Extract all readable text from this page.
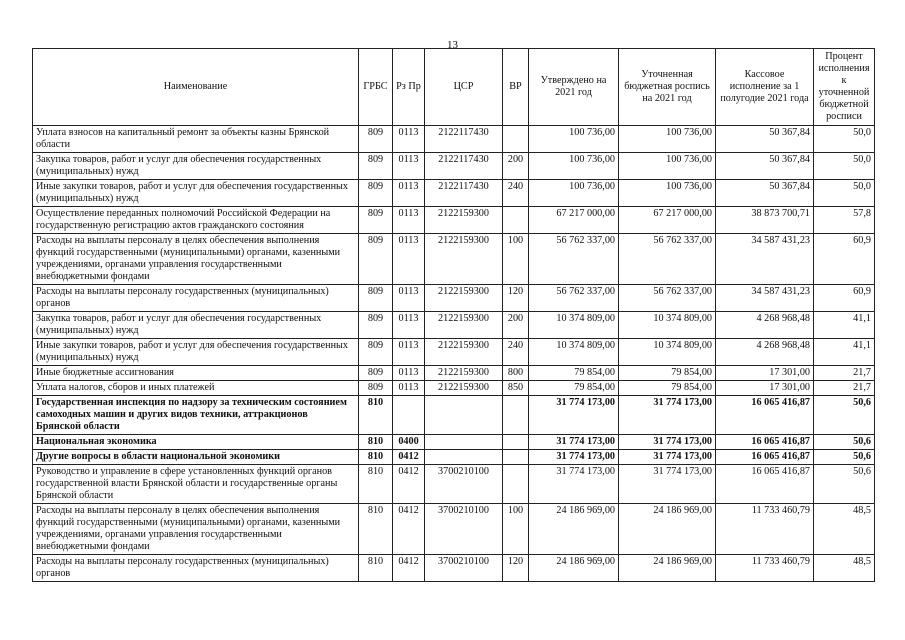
13
Наименование	ГРБС	Рз Пр	ЦСР	ВР	Утверждено на 2021 год	Уточненная бюджетная роспись на 2021 год	Кассовое исполнение за 1 полугодие 2021 года	Процент исполнения к уточненной бюджетной росписи
Уплата взносов на капитальный ремонт за объекты казны Брянской области	809	0113	2122117430		100 736,00	100 736,00	50 367,84	50,0
Закупка товаров, работ и услуг для обеспечения государственных (муниципальных) нужд	809	0113	2122117430	200	100 736,00	100 736,00	50 367,84	50,0
Иные закупки товаров, работ и услуг для обеспечения государственных (муниципальных) нужд	809	0113	2122117430	240	100 736,00	100 736,00	50 367,84	50,0
Осуществление переданных полномочий Российской Федерации на государственную регистрацию актов гражданского состояния	809	0113	2122159300		67 217 000,00	67 217 000,00	38 873 700,71	57,8
Расходы на выплаты персоналу в целях обеспечения выполнения функций государственными (муниципальными) органами, казенными учреждениями, органами управления государственными внебюджетными фондами	809	0113	2122159300	100	56 762 337,00	56 762 337,00	34 587 431,23	60,9
Расходы на выплаты персоналу государственных (муниципальных) органов	809	0113	2122159300	120	56 762 337,00	56 762 337,00	34 587 431,23	60,9
Закупка товаров, работ и услуг для обеспечения государственных (муниципальных) нужд	809	0113	2122159300	200	10 374 809,00	10 374 809,00	4 268 968,48	41,1
Иные закупки товаров, работ и услуг для обеспечения государственных (муниципальных) нужд	809	0113	2122159300	240	10 374 809,00	10 374 809,00	4 268 968,48	41,1
Иные бюджетные ассигнования	809	0113	2122159300	800	79 854,00	79 854,00	17 301,00	21,7
Уплата налогов, сборов и иных платежей	809	0113	2122159300	850	79 854,00	79 854,00	17 301,00	21,7
Государственная инспекция по надзору за техническим состоянием самоходных машин и других видов техники, аттракционов Брянской области	810				31 774 173,00	31 774 173,00	16 065 416,87	50,6
Национальная экономика	810	0400			31 774 173,00	31 774 173,00	16 065 416,87	50,6
Другие вопросы в области национальной экономики	810	0412			31 774 173,00	31 774 173,00	16 065 416,87	50,6
Руководство и управление в сфере установленных функций органов государственной власти Брянской области и государственные органы Брянской области	810	0412	3700210100		31 774 173,00	31 774 173,00	16 065 416,87	50,6
Расходы на выплаты персоналу в целях обеспечения выполнения функций государственными (муниципальными) органами, казенными учреждениями, органами управления государственными внебюджетными фондами	810	0412	3700210100	100	24 186 969,00	24 186 969,00	11 733 460,79	48,5
Расходы на выплаты персоналу государственных (муниципальных) органов	810	0412	3700210100	120	24 186 969,00	24 186 969,00	11 733 460,79	48,5
